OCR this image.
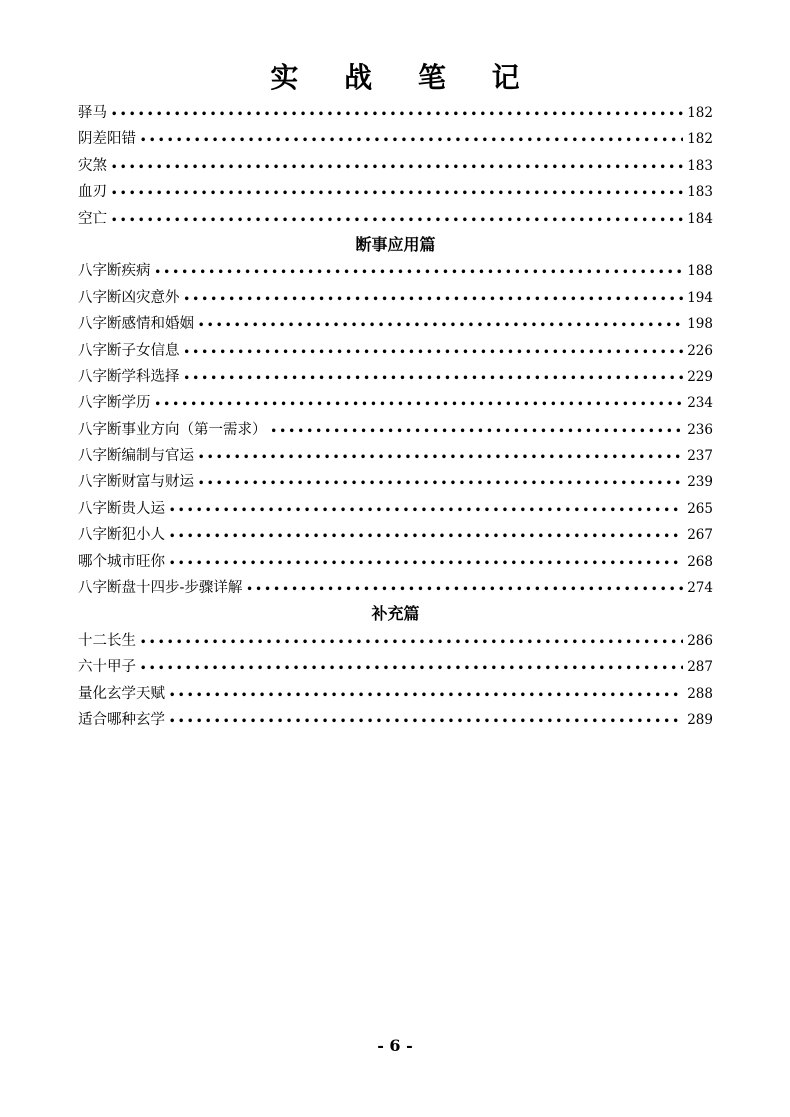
实 战 笔 记
驿马 •••••	182
阴差阳错 •••••	182
灾煞 •••••	183
血刃 •••••	183
空亡 •••••	184
断事应用篇
八字断疾病 •••••	188
八字断凶灾意外 •••••	194
八字断感情和婚姻 •••••	198
八字断子女信息 •••••	226
八字断学科选择 •••••	229
八字断学历 •••••	234
八字断事业方向（第一需求） •••••	236
八字断编制与官运 •••••	237
八字断财富与财运 •••••	239
八字断贵人运 •••••	265
八字断犯小人 •••••	267
哪个城市旺你 •••••	268
八字断盘十四步-步骤详解 •••••	274
补充篇
十二长生 •••••	286
六十甲子 •••••	287
量化玄学天赋 •••••	288
适合哪种玄学 •••••	289
- 6 -
